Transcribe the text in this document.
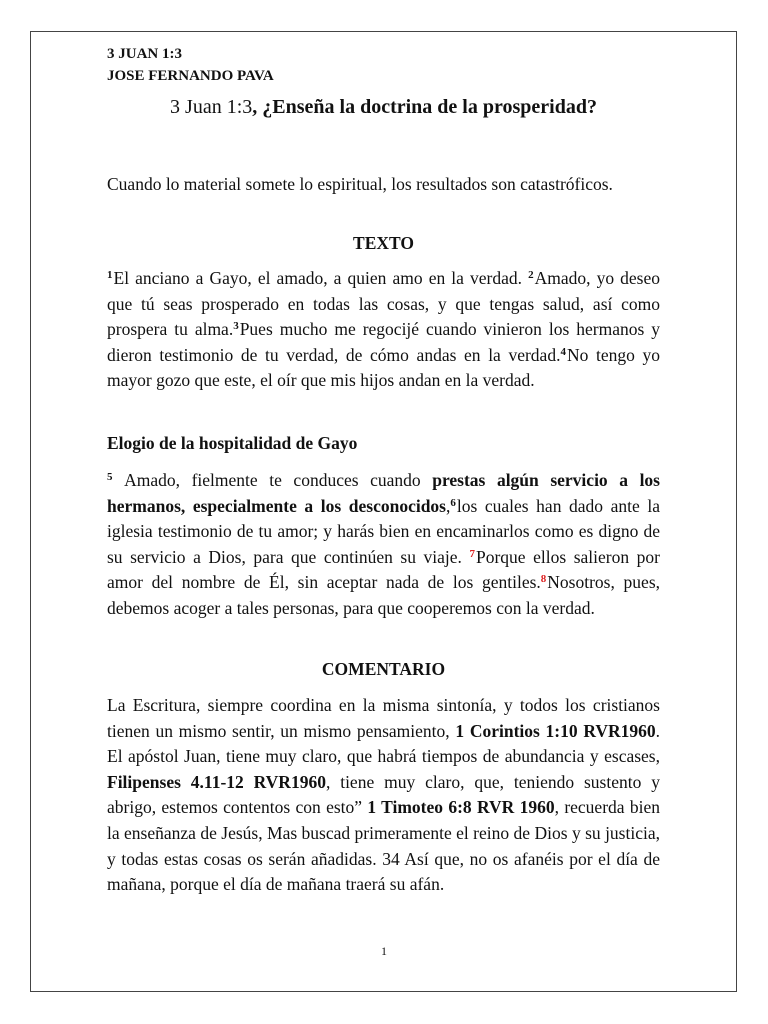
3 JUAN 1:3
JOSE FERNANDO PAVA
3 Juan 1:3, ¿Enseña la doctrina de la prosperidad?
Cuando lo material somete lo espiritual, los resultados son catastróficos.
TEXTO
$^1$El anciano a Gayo, el amado, a quien amo en la verdad. $^2$Amado, yo deseo que tú seas prosperado en todas las cosas, y que tengas salud, así como prospera tu alma.$^3$Pues mucho me regocijé cuando vinieron los hermanos y dieron testimonio de tu verdad, de cómo andas en la verdad.$^4$No tengo yo mayor gozo que este, el oír que mis hijos andan en la verdad.
Elogio de la hospitalidad de Gayo
$^5$ Amado, fielmente te conduces cuando prestas algún servicio a los hermanos, especialmente a los desconocidos,$^6$los cuales han dado ante la iglesia testimonio de tu amor; y harás bien en encaminarlos como es digno de su servicio a Dios, para que continúen su viaje. $^7$Porque ellos salieron por amor del nombre de Él, sin aceptar nada de los gentiles.$^8$Nosotros, pues, debemos acoger a tales personas, para que cooperemos con la verdad.
COMENTARIO
La Escritura, siempre coordina en la misma sintonía, y todos los cristianos tienen un mismo sentir, un mismo pensamiento, 1 Corintios 1:10 RVR1960. El apóstol Juan, tiene muy claro, que habrá tiempos de abundancia y escases, Filipenses 4.11-12 RVR1960, tiene muy claro, que, teniendo sustento y abrigo, estemos contentos con esto” 1 Timoteo 6:8 RVR 1960, recuerda bien la enseñanza de Jesús, Mas buscad primeramente el reino de Dios y su justicia, y todas estas cosas os serán añadidas. 34 Así que, no os afanéis por el día de mañana, porque el día de mañana traerá su afán.
1
